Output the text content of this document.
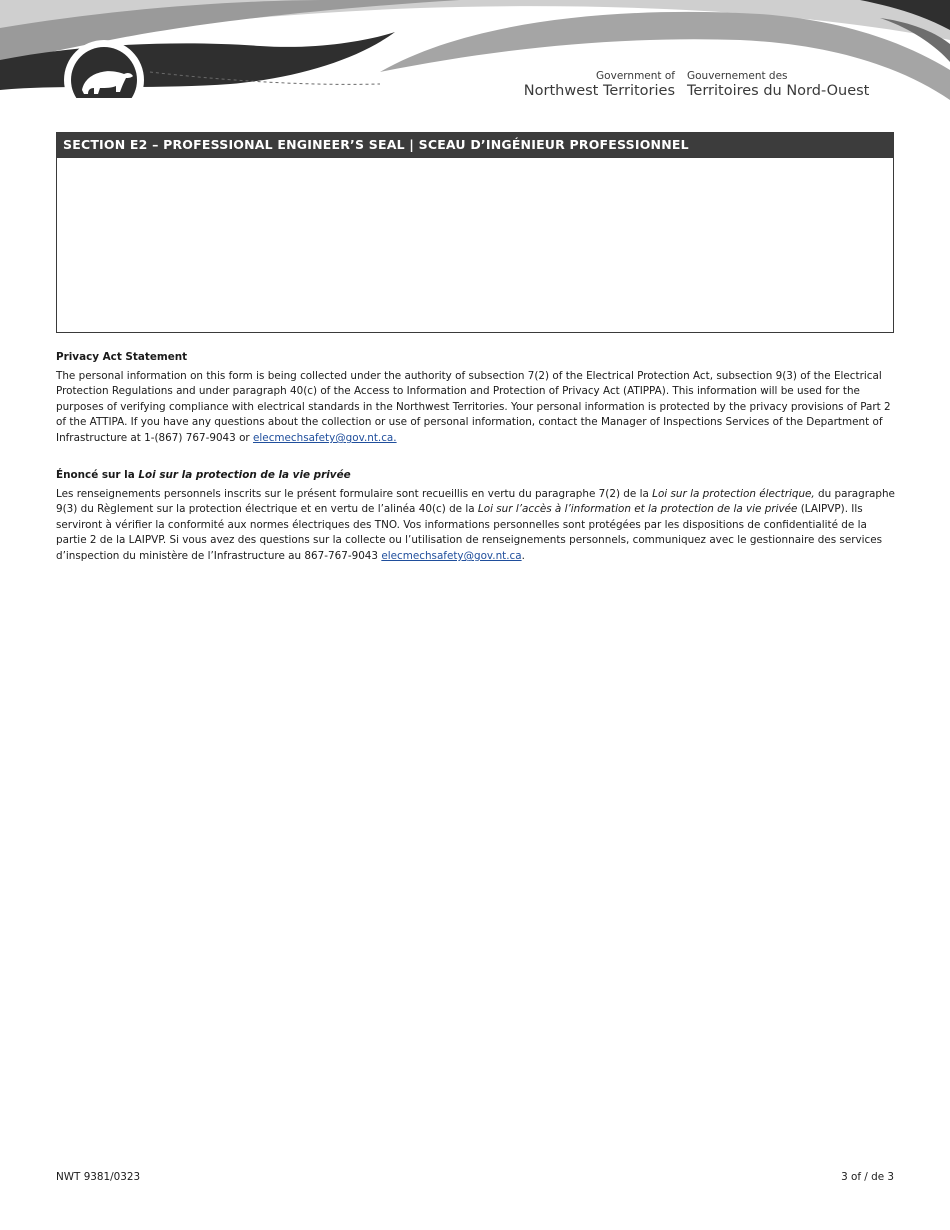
Government of
Northwest Territories
Gouvernement des
Territoires du Nord-Ouest
SECTION E2 – PROFESSIONAL ENGINEER’S SEAL | SCEAU D’INGÉNIEUR PROFESSIONNEL
Privacy Act Statement

The personal information on this form is being collected under the authority of subsection 7(2) of the Electrical Protection Act, subsection 9(3) of the Electrical Protection Regulations and under paragraph 40(c) of the Access to Information and Protection of Privacy Act (ATIPPA). This information will be used for the purposes of verifying compliance with electrical standards in the Northwest Territories. Your personal information is protected by the privacy provisions of Part 2 of the ATTIPA. If you have any questions about the collection or use of personal information, contact the Manager of Inspections Services of the Department of Infrastructure at 1-(867) 767-9043 or elecmechsafety@gov.nt.ca.

Énoncé sur la Loi sur la protection de la vie privée

Les renseignements personnels inscrits sur le présent formulaire sont recueillis en vertu du paragraphe 7(2) de la Loi sur la protection électrique, du paragraphe 9(3) du Règlement sur la protection électrique et en vertu de l’alinéa 40(c) de la Loi sur l’accès à l’information et la protection de la vie privée (LAIPVP). Ils serviront à vérifier la conformité aux normes électriques des TNO. Vos informations personnelles sont protégées par les dispositions de confidentialité de la partie 2 de la LAIPVP. Si vous avez des questions sur la collecte ou l’utilisation de renseignements personnels, communiquez avec le gestionnaire des services d’inspection du ministère de l’Infrastructure au 867-767-9043 elecmechsafety@gov.nt.ca.

NWT 9381/0323	3 of / de 3
